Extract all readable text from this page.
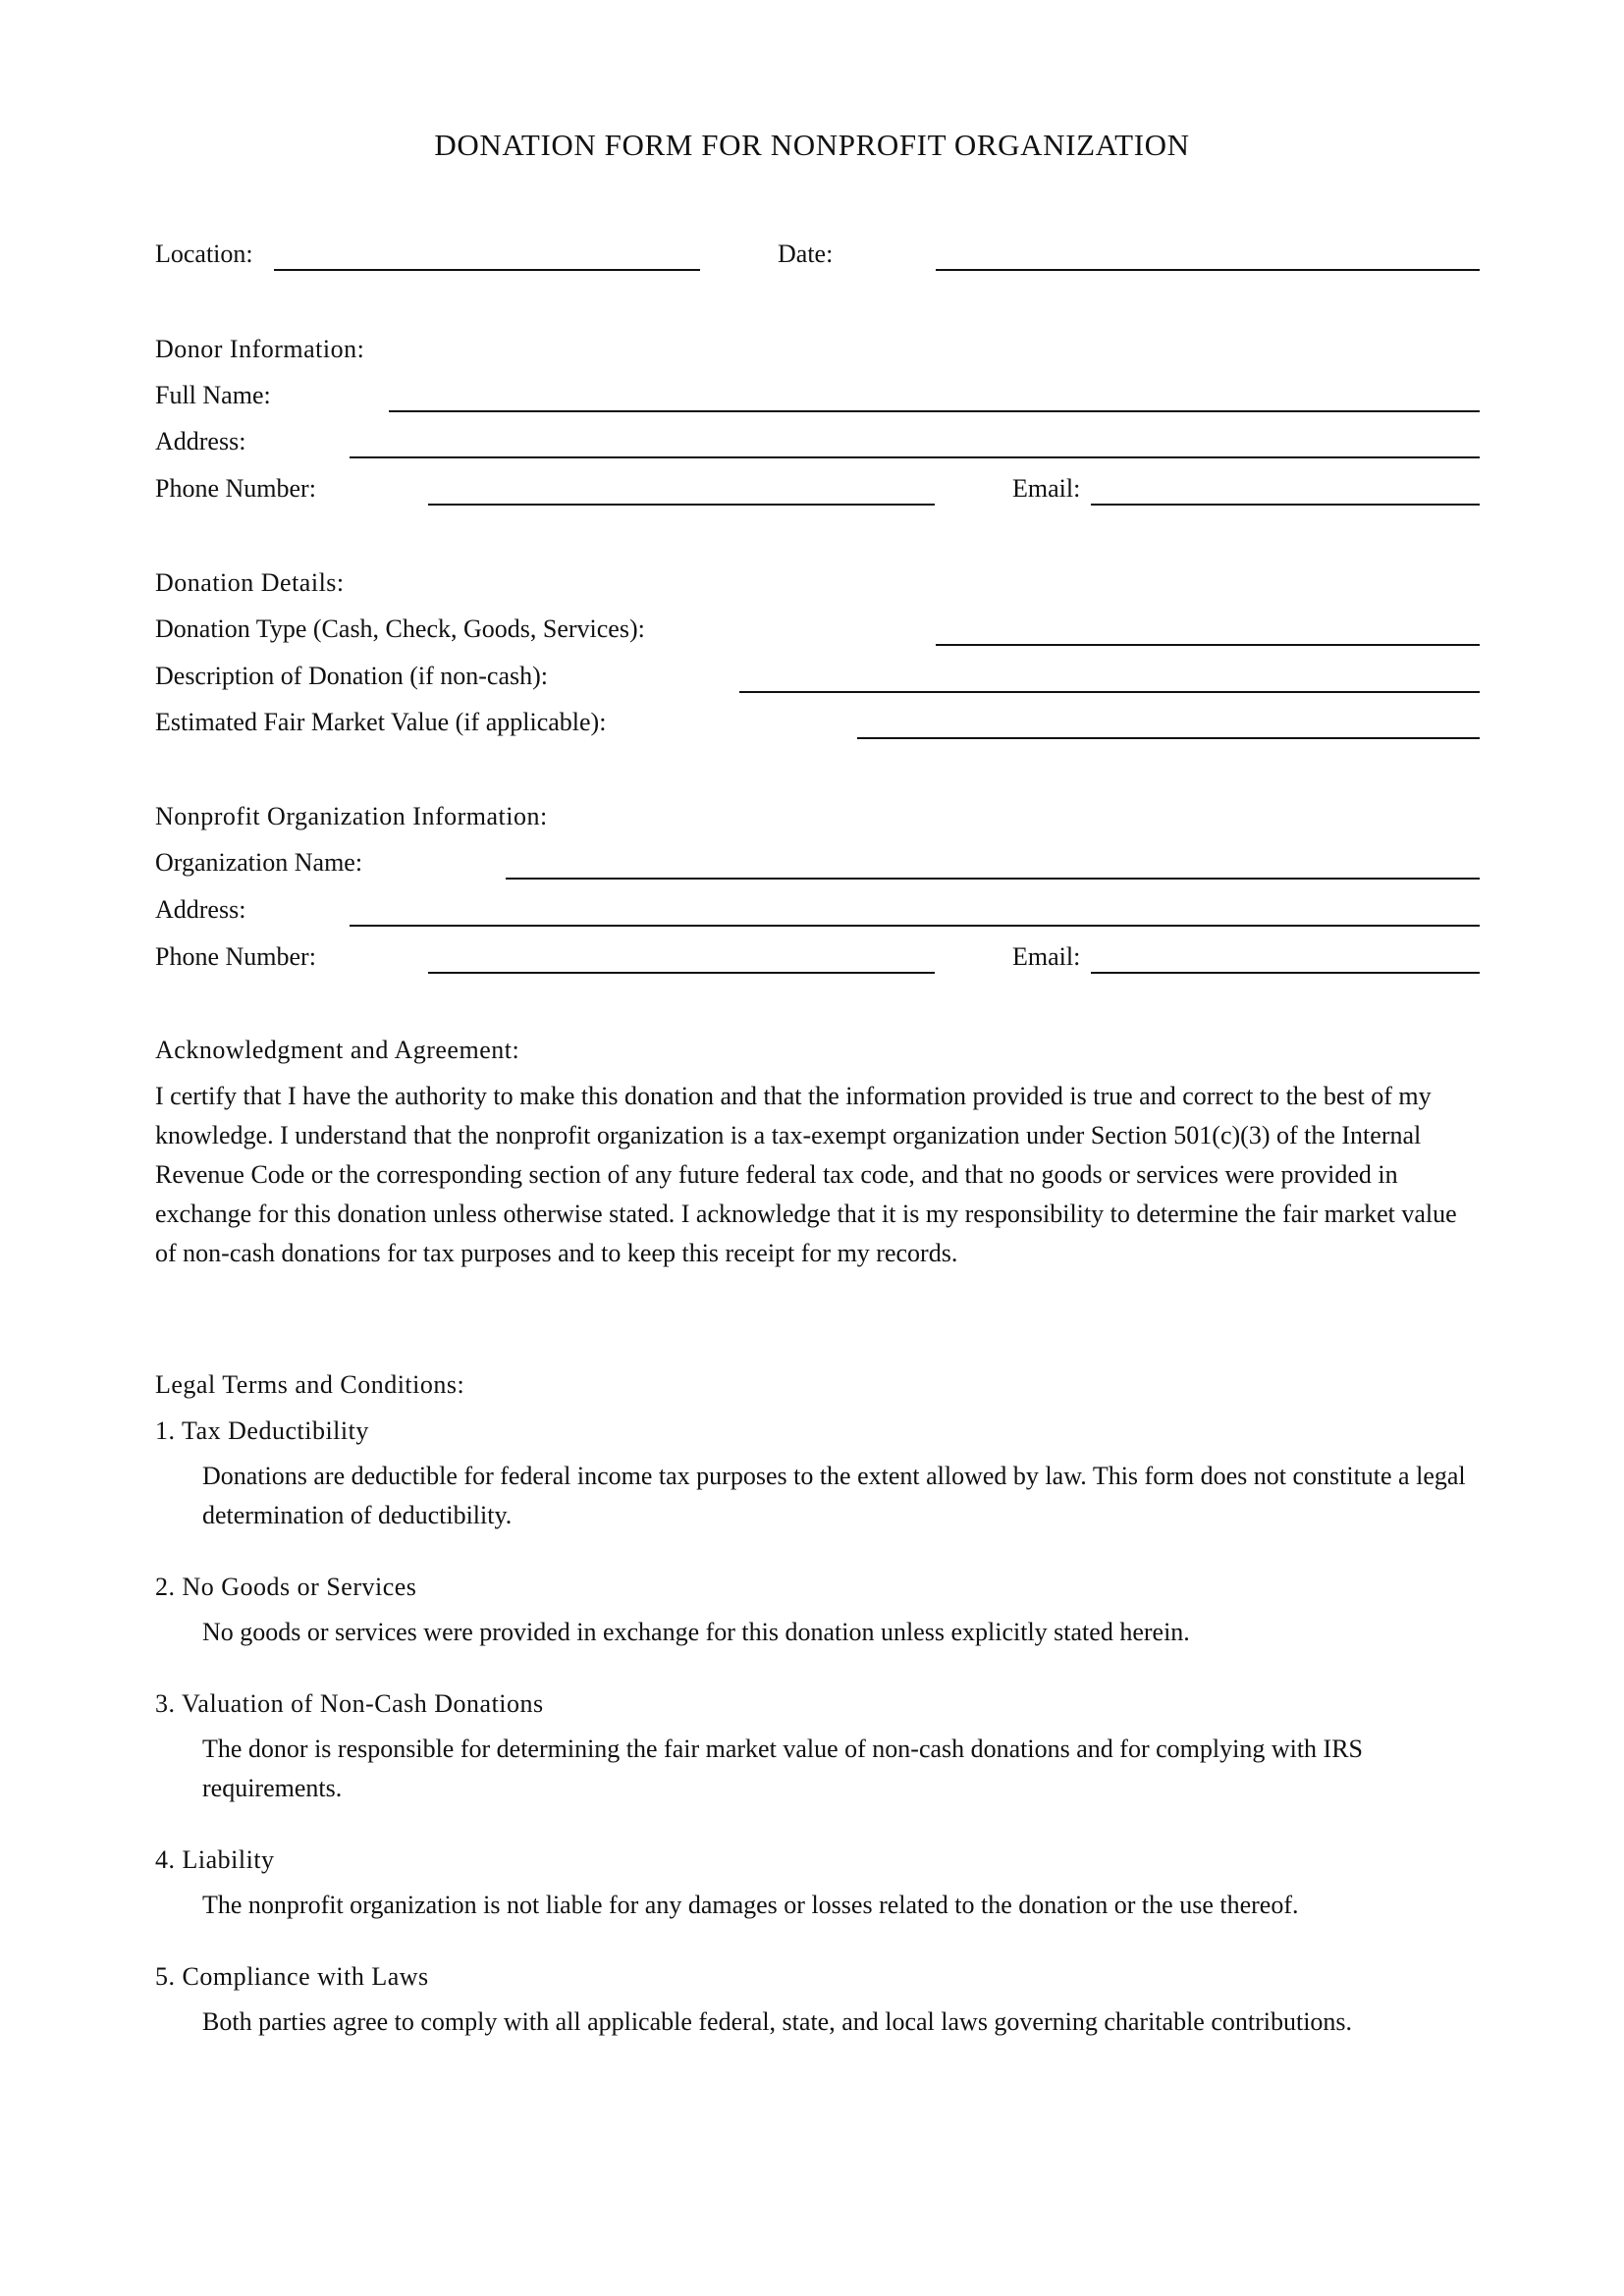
DONATION FORM FOR NONPROFIT ORGANIZATION
Location:	Date:
Donor Information:
Full Name:
Address:
Phone Number:	Email:
Donation Details:
Donation Type (Cash, Check, Goods, Services):
Description of Donation (if non-cash):
Estimated Fair Market Value (if applicable):
Nonprofit Organization Information:
Organization Name:
Address:
Phone Number:	Email:
Acknowledgment and Agreement:
I certify that I have the authority to make this donation and that the information provided is true and correct to the best of my knowledge. I understand that the nonprofit organization is a tax-exempt organization under Section 501(c)(3) of the Internal Revenue Code or the corresponding section of any future federal tax code, and that no goods or services were provided in exchange for this donation unless otherwise stated. I acknowledge that it is my responsibility to determine the fair market value of non-cash donations for tax purposes and to keep this receipt for my records.
Legal Terms and Conditions:
1. Tax Deductibility
Donations are deductible for federal income tax purposes to the extent allowed by law. This form does not constitute a legal determination of deductibility.
2. No Goods or Services
No goods or services were provided in exchange for this donation unless explicitly stated herein.
3. Valuation of Non-Cash Donations
The donor is responsible for determining the fair market value of non-cash donations and for complying with IRS requirements.
4. Liability
The nonprofit organization is not liable for any damages or losses related to the donation or the use thereof.
5. Compliance with Laws
Both parties agree to comply with all applicable federal, state, and local laws governing charitable contributions.
